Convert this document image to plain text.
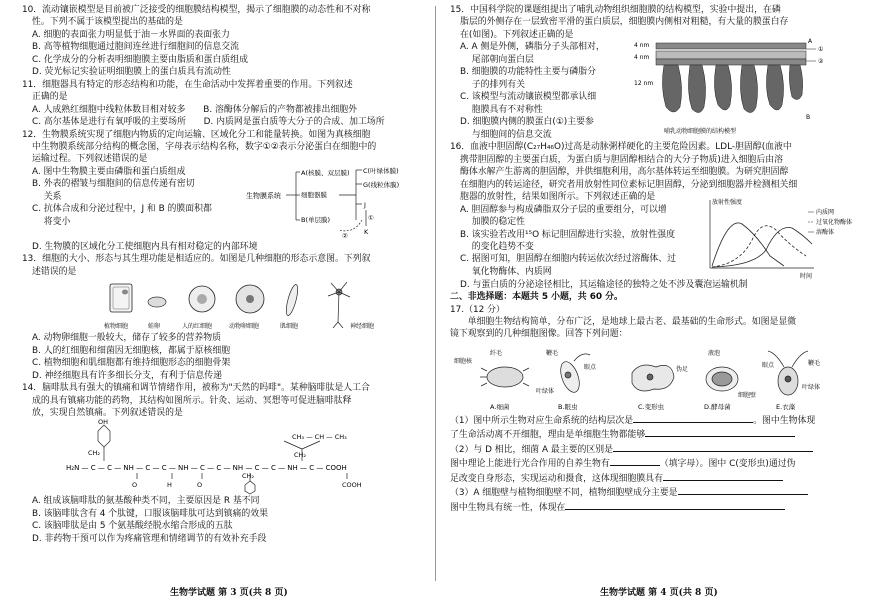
10．流动镶嵌模型是目前被广泛接受的细胞膜结构模型，揭示了细胞膜的动态性和不对称

性。下列不属于该模型提出的基础的是

A. 细胞的表面张力明显低于油－水界面的表面张力

B. 高等植物细胞通过胞间连丝进行细胞间的信息交流

C. 化学成分的分析表明细胞膜主要由脂质和蛋白质组成

D. 荧光标记实验证明细胞膜上的蛋白质具有流动性

11．细胞器具有特定的形态结构和功能，在生命活动中发挥着重要的作用。下列叙述

正确的是

A. 人成熟红细胞中线粒体数目相对较多　　B. 溶酶体分解后的产物都被排出细胞外

C. 高尔基体是进行有氧呼吸的主要场所　　D. 内质网是蛋白质等大分子的合成、加工场所

12．生物膜系统实现了细胞内物质的定向运输、区域化分工和能量转换。如图为真核细胞

中生物膜系统部分结构的概念图，字母表示结构名称，数字①②表示分泌蛋白在细胞中的

运输过程。下列叙述错误的是

A. 图中生物膜主要由磷脂和蛋白质组成

B. 外表的褶皱与细胞间的信息传递有密切

　 关系

C. 抗体合成和分泌过程中，J 和 B 的膜面积都

　 将变小

生物膜系统
A(核膜、双层膜)
细胞器膜
B(单层膜)
C(叶绿体膜)
G(线粒体膜)
J
K
①
②

D. 生物膜的区域化分工使细胞内具有相对稳定的内部环境

13．细胞的大小、形态与其生理功能是相适应的。如图是几种细胞的形态示意图。下列叙

述错误的是

植物细胞	蛙卵	人的红细胞	动物卵细胞	肌细胞	神经细胞

A. 动物卵细胞一般较大，储存了较多的营养物质

B. 人的红细胞和细菌因无细胞核，都属于原核细胞

C. 植物细胞和肌细胞都有维持细胞形态的细胞骨架

D. 神经细胞具有许多细长分支，有利于信息传递

14．脑啡肽具有强大的镇痛和调节情绪作用，被称为"天然的吗啡"。某种脑啡肽是人工合

成的具有镇痛功能的药物，其结构如图所示。针灸、运动、冥想等可促进脑啡肽释

放，实现自然镇痛。下列叙述错误的是

H₂N — C — C — NH — C — C — NH — C — C — NH — C — C — NH — C — COOH
OH
CH₂
CH₃ — CH — CH₃
CH₂
CH₂
O	O
H	COOH

A. 组成该脑啡肽的氨基酸种类不同，主要原因是 R 基不同

B. 该脑啡肽含有 4 个肽键，口服该脑啡肽可达到镇痛的效果

C. 该脑啡肽是由 5 个氨基酸经脱水缩合形成的五肽

D. 非药物干预可以作为疼痛管理和情绪调节的有效补充手段

生物学试题 第 3 页(共 8 页)

15．中国科学院的课题组提出了哺乳动物组织细胞膜的结构模型，实验中提出，在磷

脂层的外侧存在一层致密平滑的蛋白质层，细胞膜内侧相对粗糙，有大量的膜蛋白存

在(如图)。下列叙述正确的是

A. A 侧是外侧，磷脂分子头部相对，

　 尾部朝向蛋白层

B. 细胞膜的功能特性主要与磷脂分

　 子的排列有关

C. 该模型与流动镶嵌模型都承认细

　 胞膜具有不对称性

D. 细胞膜内侧的膜蛋白(①)主要参

　 与细胞间的信息交流

4 nm
4 nm
12 nm
A
①
②
B
哺乳动物细胞膜的结构模型

16．血液中胆固醇(C₂₇H₄₆O)过高是动脉粥样硬化的主要危险因素。LDL-胆固醇(血液中

携带胆固醇的主要蛋白质，为蛋白质与胆固醇相结合的大分子物质)进入细胞后由溶

酶体水解产生游离的胆固醇，并供细胞利用，高尔基体转运至细胞膜。为研究胆固醇

在细胞内的转运途径，研究者用放射性同位素标记胆固醇，分泌到细胞器并检测相关细

胞器的放射性，结果如图所示。下列叙述正确的是

A. 胆固醇参与构成磷脂双分子层的重要组分，可以增

　 加膜的稳定性

B. 该实验若改用¹⁵O 标记胆固醇进行实验，放射性强度

　 的变化趋势不变

C. 据图可知，胆固醇在细胞内转运依次经过溶酶体、过

　 氧化物酶体、内质网

放射性强度
时间
内质网
过氧化物酶体
溶酶体

D. 与蛋白质的分泌途径相比，其运输途径的独特之处不涉及囊泡运输机制

二、非选择题：本题共 5 小题，共 60 分。

17.（12 分）

　　单细胞生物结构简单，分布广泛，是地球上最古老、最基础的生命形式。如图是显微

镜下观察到的几种细胞图像。回答下列问题：

纤毛
细胞核
鞭毛
眼点
叶绿体
伪足
液泡
细胞壁
眼点	鞭毛
叶绿体
A.细菌	B.眼虫	C.变形虫	D.酵母菌	E.衣藻

（1）图中所示生物对应生命系统的结构层次是	。图中生物体现

了生命活动离不开细胞，理由是单细胞生物都能够

（2）与 D 相比，细菌 A 最主要的区别是

图中理论上能进行光合作用的自养生物有	（填字母）。图中 C(变形虫)通过伪

足改变自身形态，实现运动和摄食，这体现细胞膜具有

（3）A 细胞壁与植物细胞壁不同，植物细胞壁成分主要是

图中生物具有统一性，体现在

生物学试题 第 4 页(共 8 页)
